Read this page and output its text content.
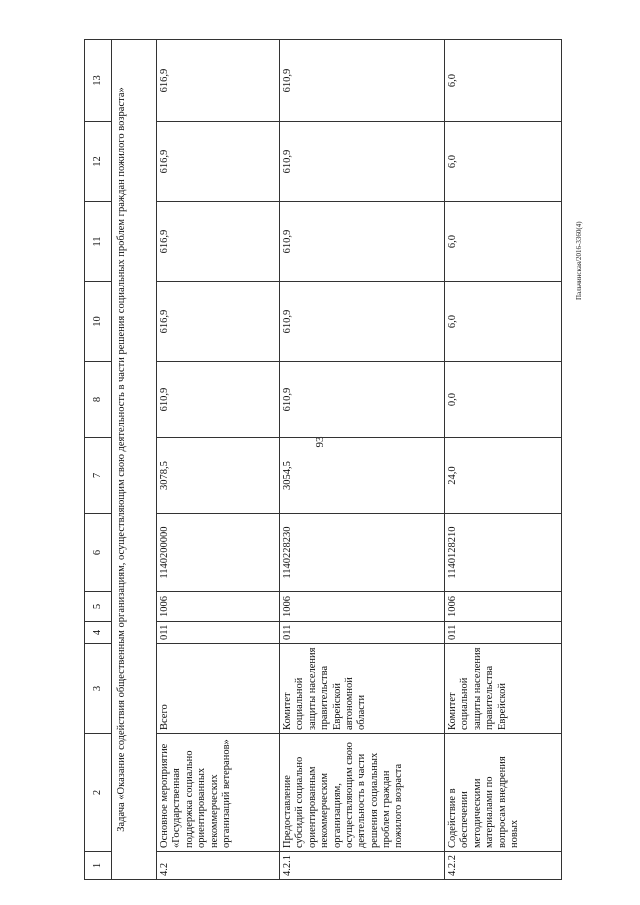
93
Пальчинская/2016-3360(4)
1	2	3	4	5	6	7	8	10	11	12	13
Задача «Оказание содействия общественным организациям, осуществляющим свою деятельность в части решения социальных проблем граждан пожилого возраста»											
4.2	Основное мероприятие «Государственная поддержка социально ориентированных некоммерческих организаций ветеранов»	Всего	011	1006	1140200000	3078,5	610,9	616,9	616,9	616,9	616,9
4.2.1	Предоставление субсидий социально ориентированным некоммерческим организациям, осуществляющим свою деятельность в части решения социальных проблем граждан пожилого возраста	Комитет социальной защиты населения правительства Еврейской автономной области	011	1006	1140228230	3054,5	610,9	610,9	610,9	610,9	610,9
4.2.2	Содействие в обеспечении методическими материалами по вопросам внедрения новых	Комитет социальной защиты населения правительства Еврейской	011	1006	1140128210	24,0	0,0	6,0	6,0	6,0	6,0
